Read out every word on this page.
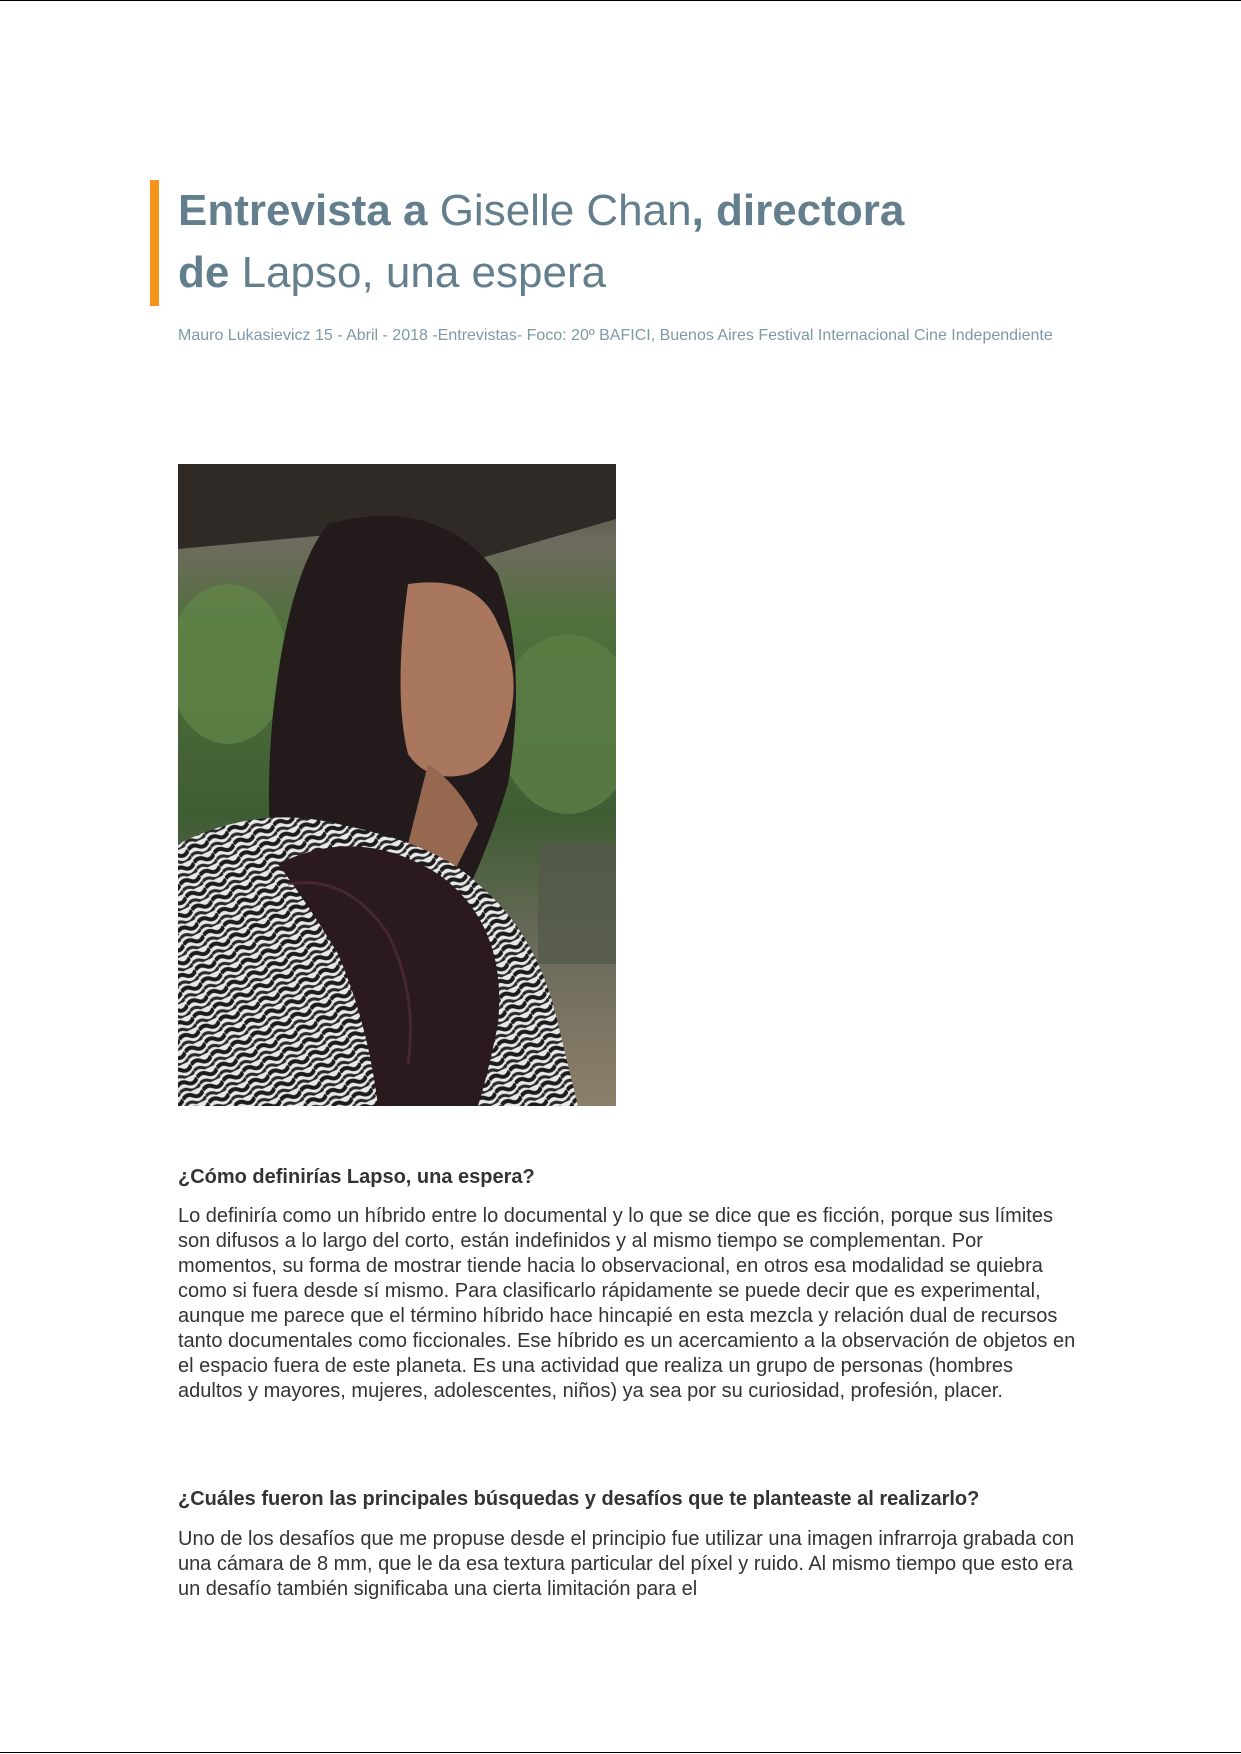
Entrevista a Giselle Chan, directora
de Lapso, una espera
Mauro Lukasievicz 15 - Abril - 2018 -Entrevistas- Foco: 20º BAFICI, Buenos Aires Festival Internacional Cine Independiente
¿Cómo definirías Lapso, una espera?

Lo definiría como un híbrido entre lo documental y lo que se dice que es ficción, porque sus límites son difusos a lo largo del corto, están indefinidos y al mismo tiempo se complementan. Por momentos, su forma de mostrar tiende hacia lo observacional, en otros esa modalidad se quiebra como si fuera desde sí mismo. Para clasificarlo rápidamente se puede decir que es experimental, aunque me parece que el término híbrido hace hincapié en esta mezcla y relación dual de recursos tanto documentales como ficcionales. Ese híbrido es un acercamiento a la observación de objetos en el espacio fuera de este planeta. Es una actividad que realiza un grupo de personas (hombres adultos y mayores, mujeres, adolescentes, niños) ya sea por su curiosidad, profesión, placer.

¿Cuáles fueron las principales búsquedas y desafíos que te planteaste al realizarlo?

Uno de los desafíos que me propuse desde el principio fue utilizar una imagen infrarroja grabada con una cámara de 8 mm, que le da esa textura particular del píxel y ruido. Al mismo tiempo que esto era un desafío también significaba una cierta limitación para el
